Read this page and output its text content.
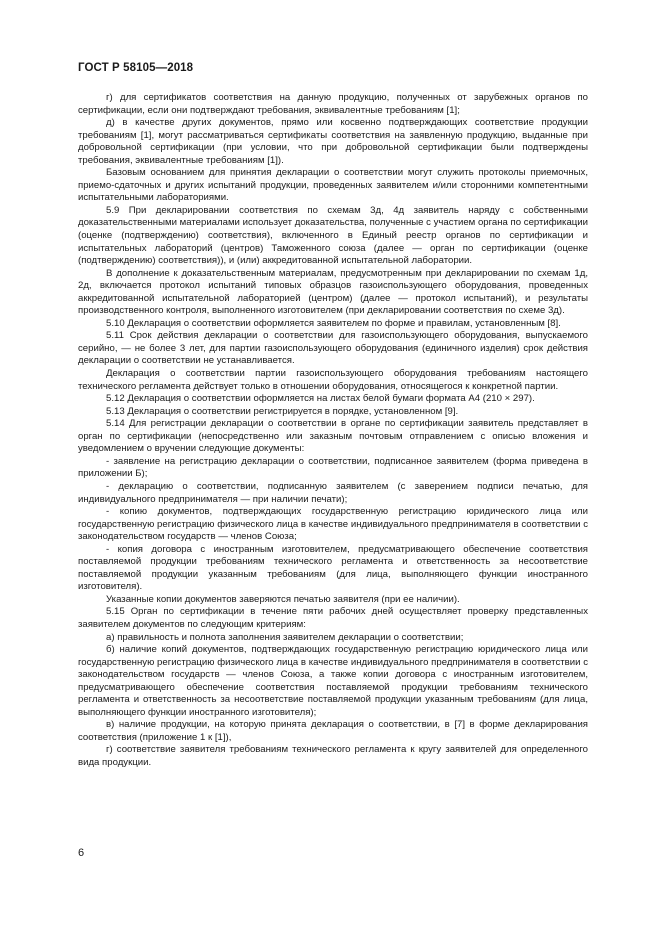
ГОСТ Р 58105—2018

г) для сертификатов соответствия на данную продукцию, полученных от зарубежных органов по сертификации, если они подтверждают требования, эквивалентные требованиям [1];

д) в качестве других документов, прямо или косвенно подтверждающих соответствие продукции требованиям [1], могут рассматриваться сертификаты соответствия на заявленную продукцию, выданные при добровольной сертификации (при условии, что при добровольной сертификации были подтверждены требования, эквивалентные требованиям [1]).

Базовым основанием для принятия декларации о соответствии могут служить протоколы приемочных, приемо-сдаточных и других испытаний продукции, проведенных заявителем и/или сторонними компетентными испытательными лабораториями.

5.9 При декларировании соответствия по схемам 3д, 4д заявитель наряду с собственными доказательственными материалами использует доказательства, полученные с участием органа по сертификации (оценке (подтверждению) соответствия), включенного в Единый реестр органов по сертификации и испытательных лабораторий (центров) Таможенного союза (далее — орган по сертификации (оценке (подтверждению) соответствия)), и (или) аккредитованной испытательной лаборатории.

В дополнение к доказательственным материалам, предусмотренным при декларировании по схемам 1д, 2д, включается протокол испытаний типовых образцов газоиспользующего оборудования, проведенных аккредитованной испытательной лабораторией (центром) (далее — протокол испытаний), и результаты производственного контроля, выполненного изготовителем (при декларировании соответствия по схеме 3д).

5.10 Декларация о соответствии оформляется заявителем по форме и правилам, установленным [8].

5.11 Срок действия декларации о соответствии для газоиспользующего оборудования, выпускаемого серийно, — не более 3 лет, для партии газоиспользующего оборудования (единичного изделия) срок действия декларации о соответствии не устанавливается.

Декларация о соответствии партии газоиспользующего оборудования требованиям настоящего технического регламента действует только в отношении оборудования, относящегося к конкретной партии.

5.12 Декларация о соответствии оформляется на листах белой бумаги формата А4 (210 × 297).

5.13 Декларация о соответствии регистрируется в порядке, установленном [9].

5.14 Для регистрации декларации о соответствии в органе по сертификации заявитель представляет в орган по сертификации (непосредственно или заказным почтовым отправлением с описью вложения и уведомлением о вручении следующие документы:

- заявление на регистрацию декларации о соответствии, подписанное заявителем (форма приведена в приложении Б);

- декларацию о соответствии, подписанную заявителем (с заверением подписи печатью, для индивидуального предпринимателя — при наличии печати);

- копию документов, подтверждающих государственную регистрацию юридического лица или государственную регистрацию физического лица в качестве индивидуального предпринимателя в соответствии с законодательством государств — членов Союза;

- копия договора с иностранным изготовителем, предусматривающего обеспечение соответствия поставляемой продукции требованиям технического регламента и ответственность за несоответствие поставляемой продукции указанным требованиям (для лица, выполняющего функции иностранного изготовителя).

Указанные копии документов заверяются печатью заявителя (при ее наличии).

5.15 Орган по сертификации в течение пяти рабочих дней осуществляет проверку представленных заявителем документов по следующим критериям:

а) правильность и полнота заполнения заявителем декларации о соответствии;

б) наличие копий документов, подтверждающих государственную регистрацию юридического лица или государственную регистрацию физического лица в качестве индивидуального предпринимателя в соответствии с законодательством государств — членов Союза, а также копии договора с иностранным изготовителем, предусматривающего обеспечение соответствия поставляемой продукции требованиям технического регламента и ответственность за несоответствие поставляемой продукции указанным требованиям (для лица, выполняющего функции иностранного изготовителя);

в) наличие продукции, на которую принята декларация о соответствии, в [7] в форме декларирования соответствия (приложение 1 к [1]),

г) соответствие заявителя требованиям технического регламента к кругу заявителей для определенного вида продукции.

6
